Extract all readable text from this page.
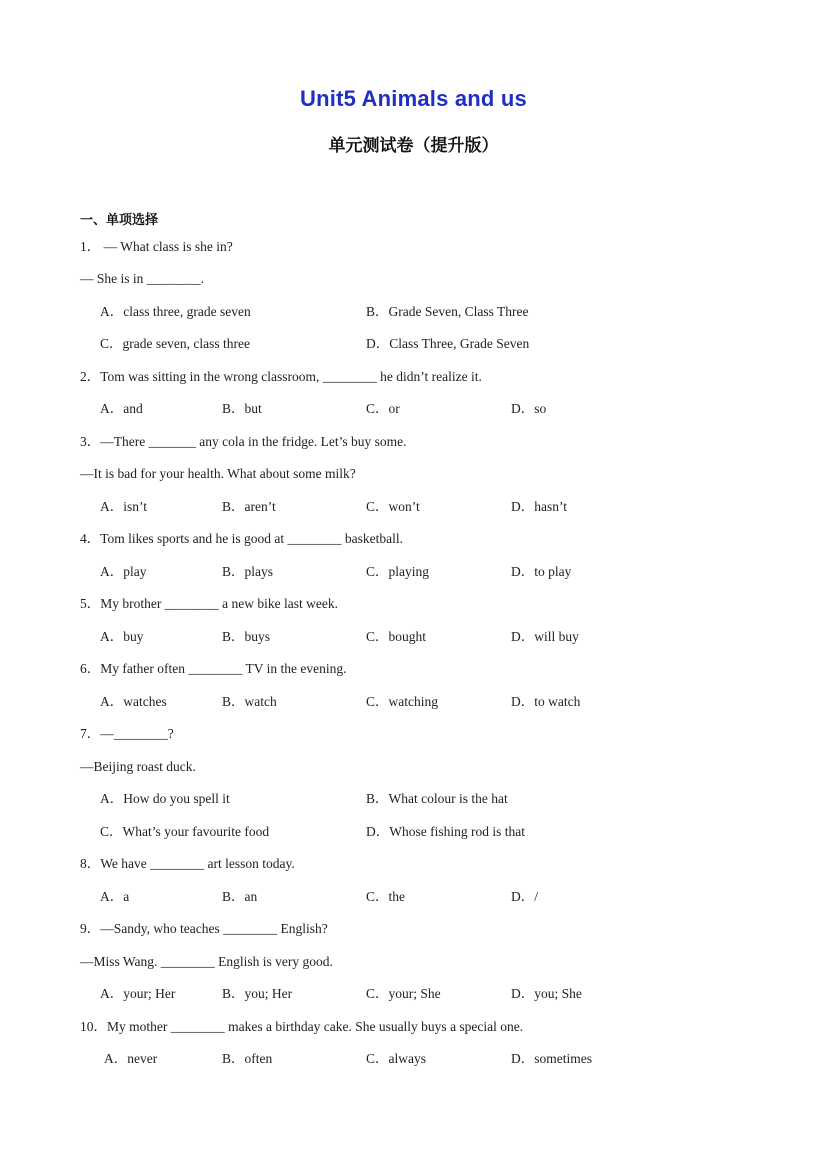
Unit5 Animals and us
单元测试卷（提升版）
一、单项选择
1． — What class is she in?
— She is in ________.
A．class three, grade seven	B．Grade Seven, Class Three
C．grade seven, class three	D．Class Three, Grade Seven
2．Tom was sitting in the wrong classroom, ________ he didn’t realize it.
A．and	B．but	C．or	D．so
3．—There _______ any cola in the fridge. Let’s buy some.
—It is bad for your health. What about some milk?
A．isn’t	B．aren’t	C．won’t	D．hasn’t
4．Tom likes sports and he is good at ________ basketball.
A．play	B．plays	C．playing	D．to play
5．My brother ________ a new bike last week.
A．buy	B．buys	C．bought	D．will buy
6．My father often ________ TV in the evening.
A．watches	B．watch	C．watching	D．to watch
7．—________?
—Beijing roast duck.
A．How do you spell it	B．What colour is the hat
C．What’s your favourite food	D．Whose fishing rod is that
8．We have ________ art lesson today.
A．a	B．an	C．the	D．/
9．—Sandy, who teaches ________ English?
—Miss Wang. ________ English is very good.
A．your; Her	B．you; Her	C．your; She	D．you; She
10．My mother ________ makes a birthday cake. She usually buys a special one.
A．never	B．often	C．always	D．sometimes
